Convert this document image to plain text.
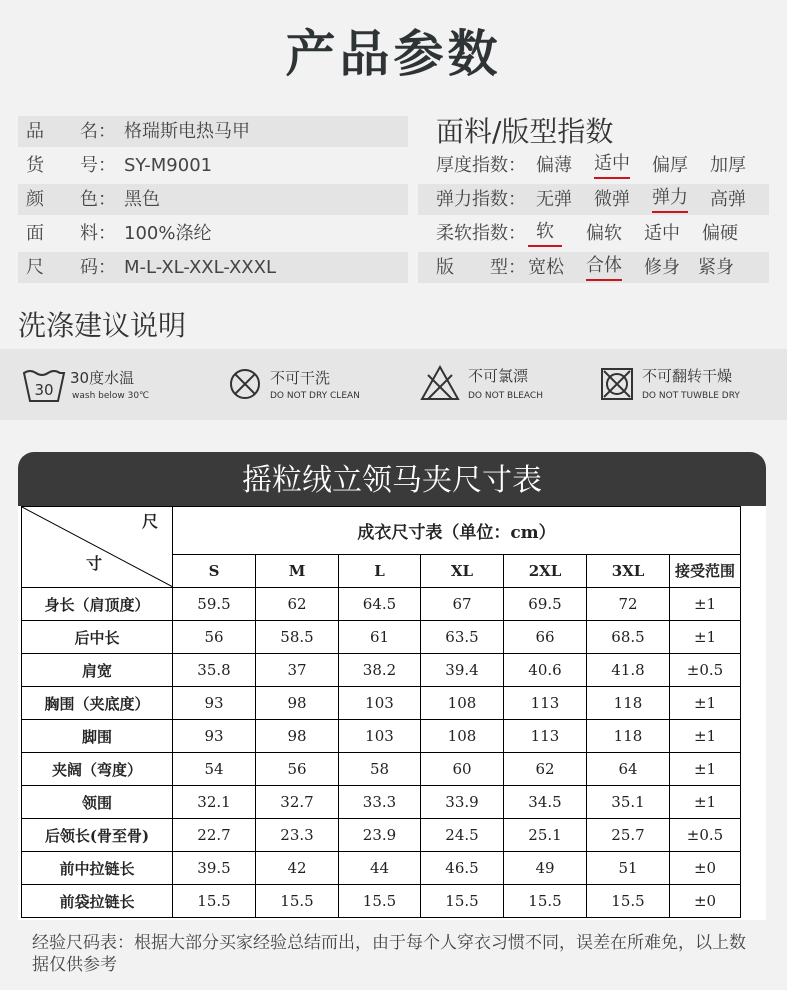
产品参数
品　　名： 格瑞斯电热马甲
货　　号： SY-M9001
颜　　色： 黑色
面　　料： 100%涤纶
尺　　码： M-L-XL-XXL-XXXL
面料/版型指数
厚度指数： 偏薄 适中 偏厚 加厚
弹力指数： 无弹 微弹 弹力 高弹
柔软指数： 软	偏软 适中 偏硬
版　　型： 宽松 合体 修身 紧身
洗涤建议说明
30
30度水温
wash below 30℃
不可干洗
DO NOT DRY CLEAN
不可氯漂
DO NOT BLEACH
不可翻转干燥
DO NOT TUWBLE DRY
摇粒绒立领马夹尺寸表
尺
寸	成衣尺寸表（单位：cm）						
	S	M	L	XL	2XL	3XL	接受范围
身长（肩顶度）	59.5	62	64.5	67	69.5	72	±1
后中长	56	58.5	61	63.5	66	68.5	±1
肩宽	35.8	37	38.2	39.4	40.6	41.8	±0.5
胸围（夹底度）	93	98	103	108	113	118	±1
脚围	93	98	103	108	113	118	±1
夹阔（弯度）	54	56	58	60	62	64	±1
领围	32.1	32.7	33.3	33.9	34.5	35.1	±1
后领长(骨至骨)	22.7	23.3	23.9	24.5	25.1	25.7	±0.5
前中拉链长	39.5	42	44	46.5	49	51	±0
前袋拉链长	15.5	15.5	15.5	15.5	15.5	15.5	±0
经验尺码表：根据大部分买家经验总结而出，由于每个人穿衣习惯不同，误差在所难免，以上数据仅供参考
